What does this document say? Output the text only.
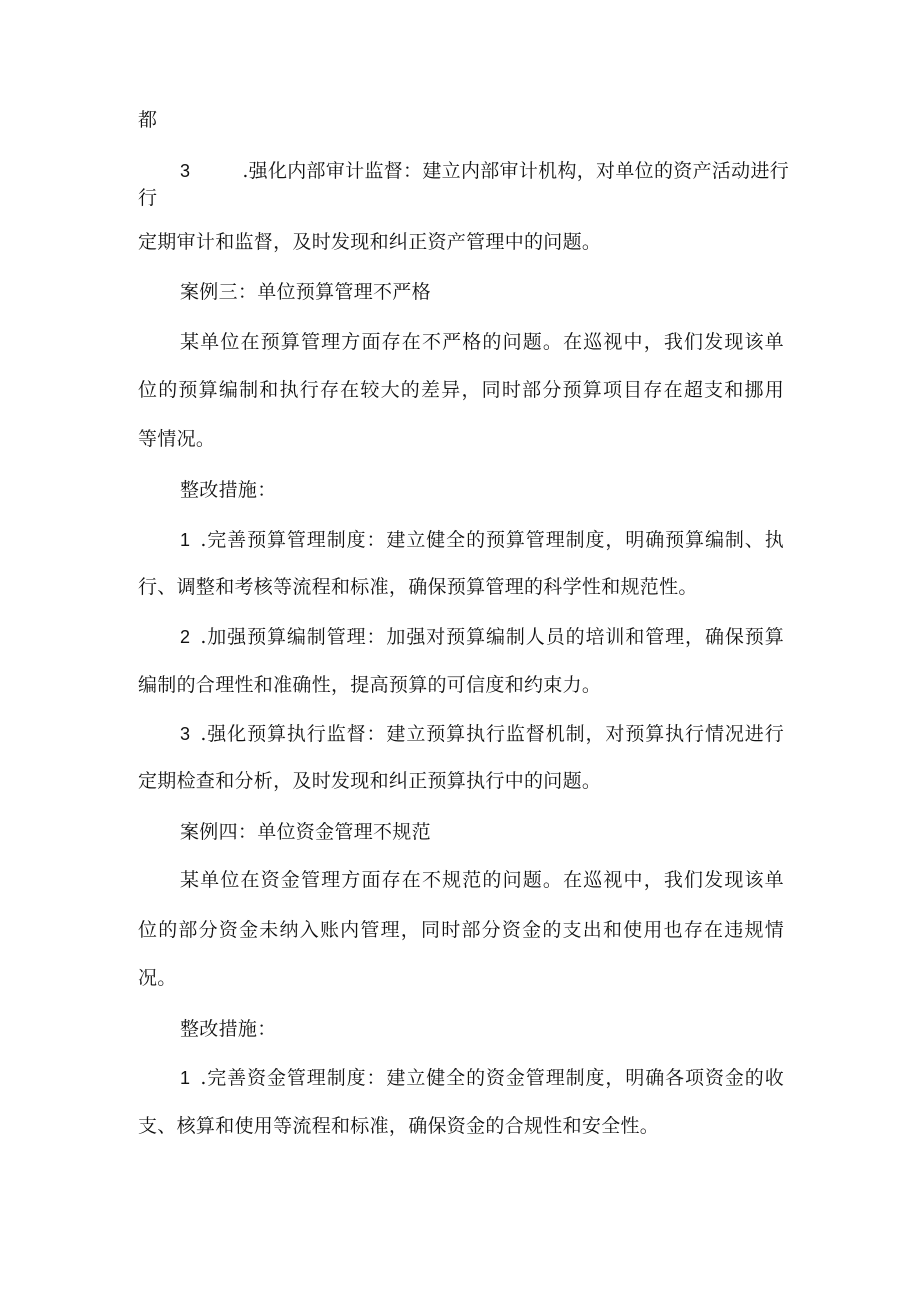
都
3	.强化内部审计监督：建立内部审计机构，对单位的资产活动进行
行
定期审计和监督，及时发现和纠正资产管理中的问题。
案例三：单位预算管理不严格
某单位在预算管理方面存在不严格的问题。在巡视中，我们发现该单
位的预算编制和执行存在较大的差异，同时部分预算项目存在超支和挪用
等情况。
整改措施：
1 .完善预算管理制度：建立健全的预算管理制度，明确预算编制、执
行、调整和考核等流程和标准，确保预算管理的科学性和规范性。
2 .加强预算编制管理：加强对预算编制人员的培训和管理，确保预算
编制的合理性和准确性，提高预算的可信度和约束力。
3 .强化预算执行监督：建立预算执行监督机制，对预算执行情况进行
定期检查和分析，及时发现和纠正预算执行中的问题。
案例四：单位资金管理不规范
某单位在资金管理方面存在不规范的问题。在巡视中，我们发现该单
位的部分资金未纳入账内管理，同时部分资金的支出和使用也存在违规情
况。
整改措施：
1 .完善资金管理制度：建立健全的资金管理制度，明确各项资金的收
支、核算和使用等流程和标准，确保资金的合规性和安全性。
